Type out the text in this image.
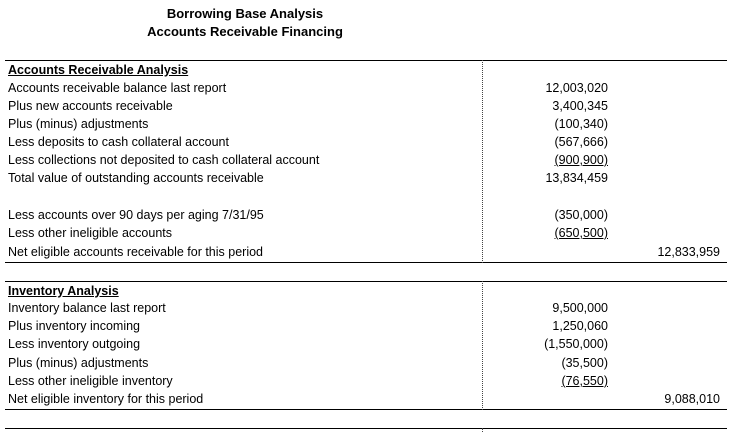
Borrowing Base Analysis
Accounts Receivable Financing
Accounts Receivable Analysis
Accounts receivable balance last report	12,003,020
Plus new accounts receivable	3,400,345
Plus (minus) adjustments	(100,340)
Less deposits to cash collateral account	(567,666)
Less collections not deposited to cash collateral account	(900,900)
Total value of outstanding accounts receivable	13,834,459
Less accounts over 90 days per aging 7/31/95	(350,000)
Less other ineligible accounts	(650,500)
Net eligible accounts receivable for this period	12,833,959
Inventory Analysis
Inventory balance last report	9,500,000
Plus inventory incoming	1,250,060
Less inventory outgoing	(1,550,000)
Plus (minus) adjustments	(35,500)
Less other ineligible inventory	(76,550)
Net eligible inventory for this period	9,088,010
